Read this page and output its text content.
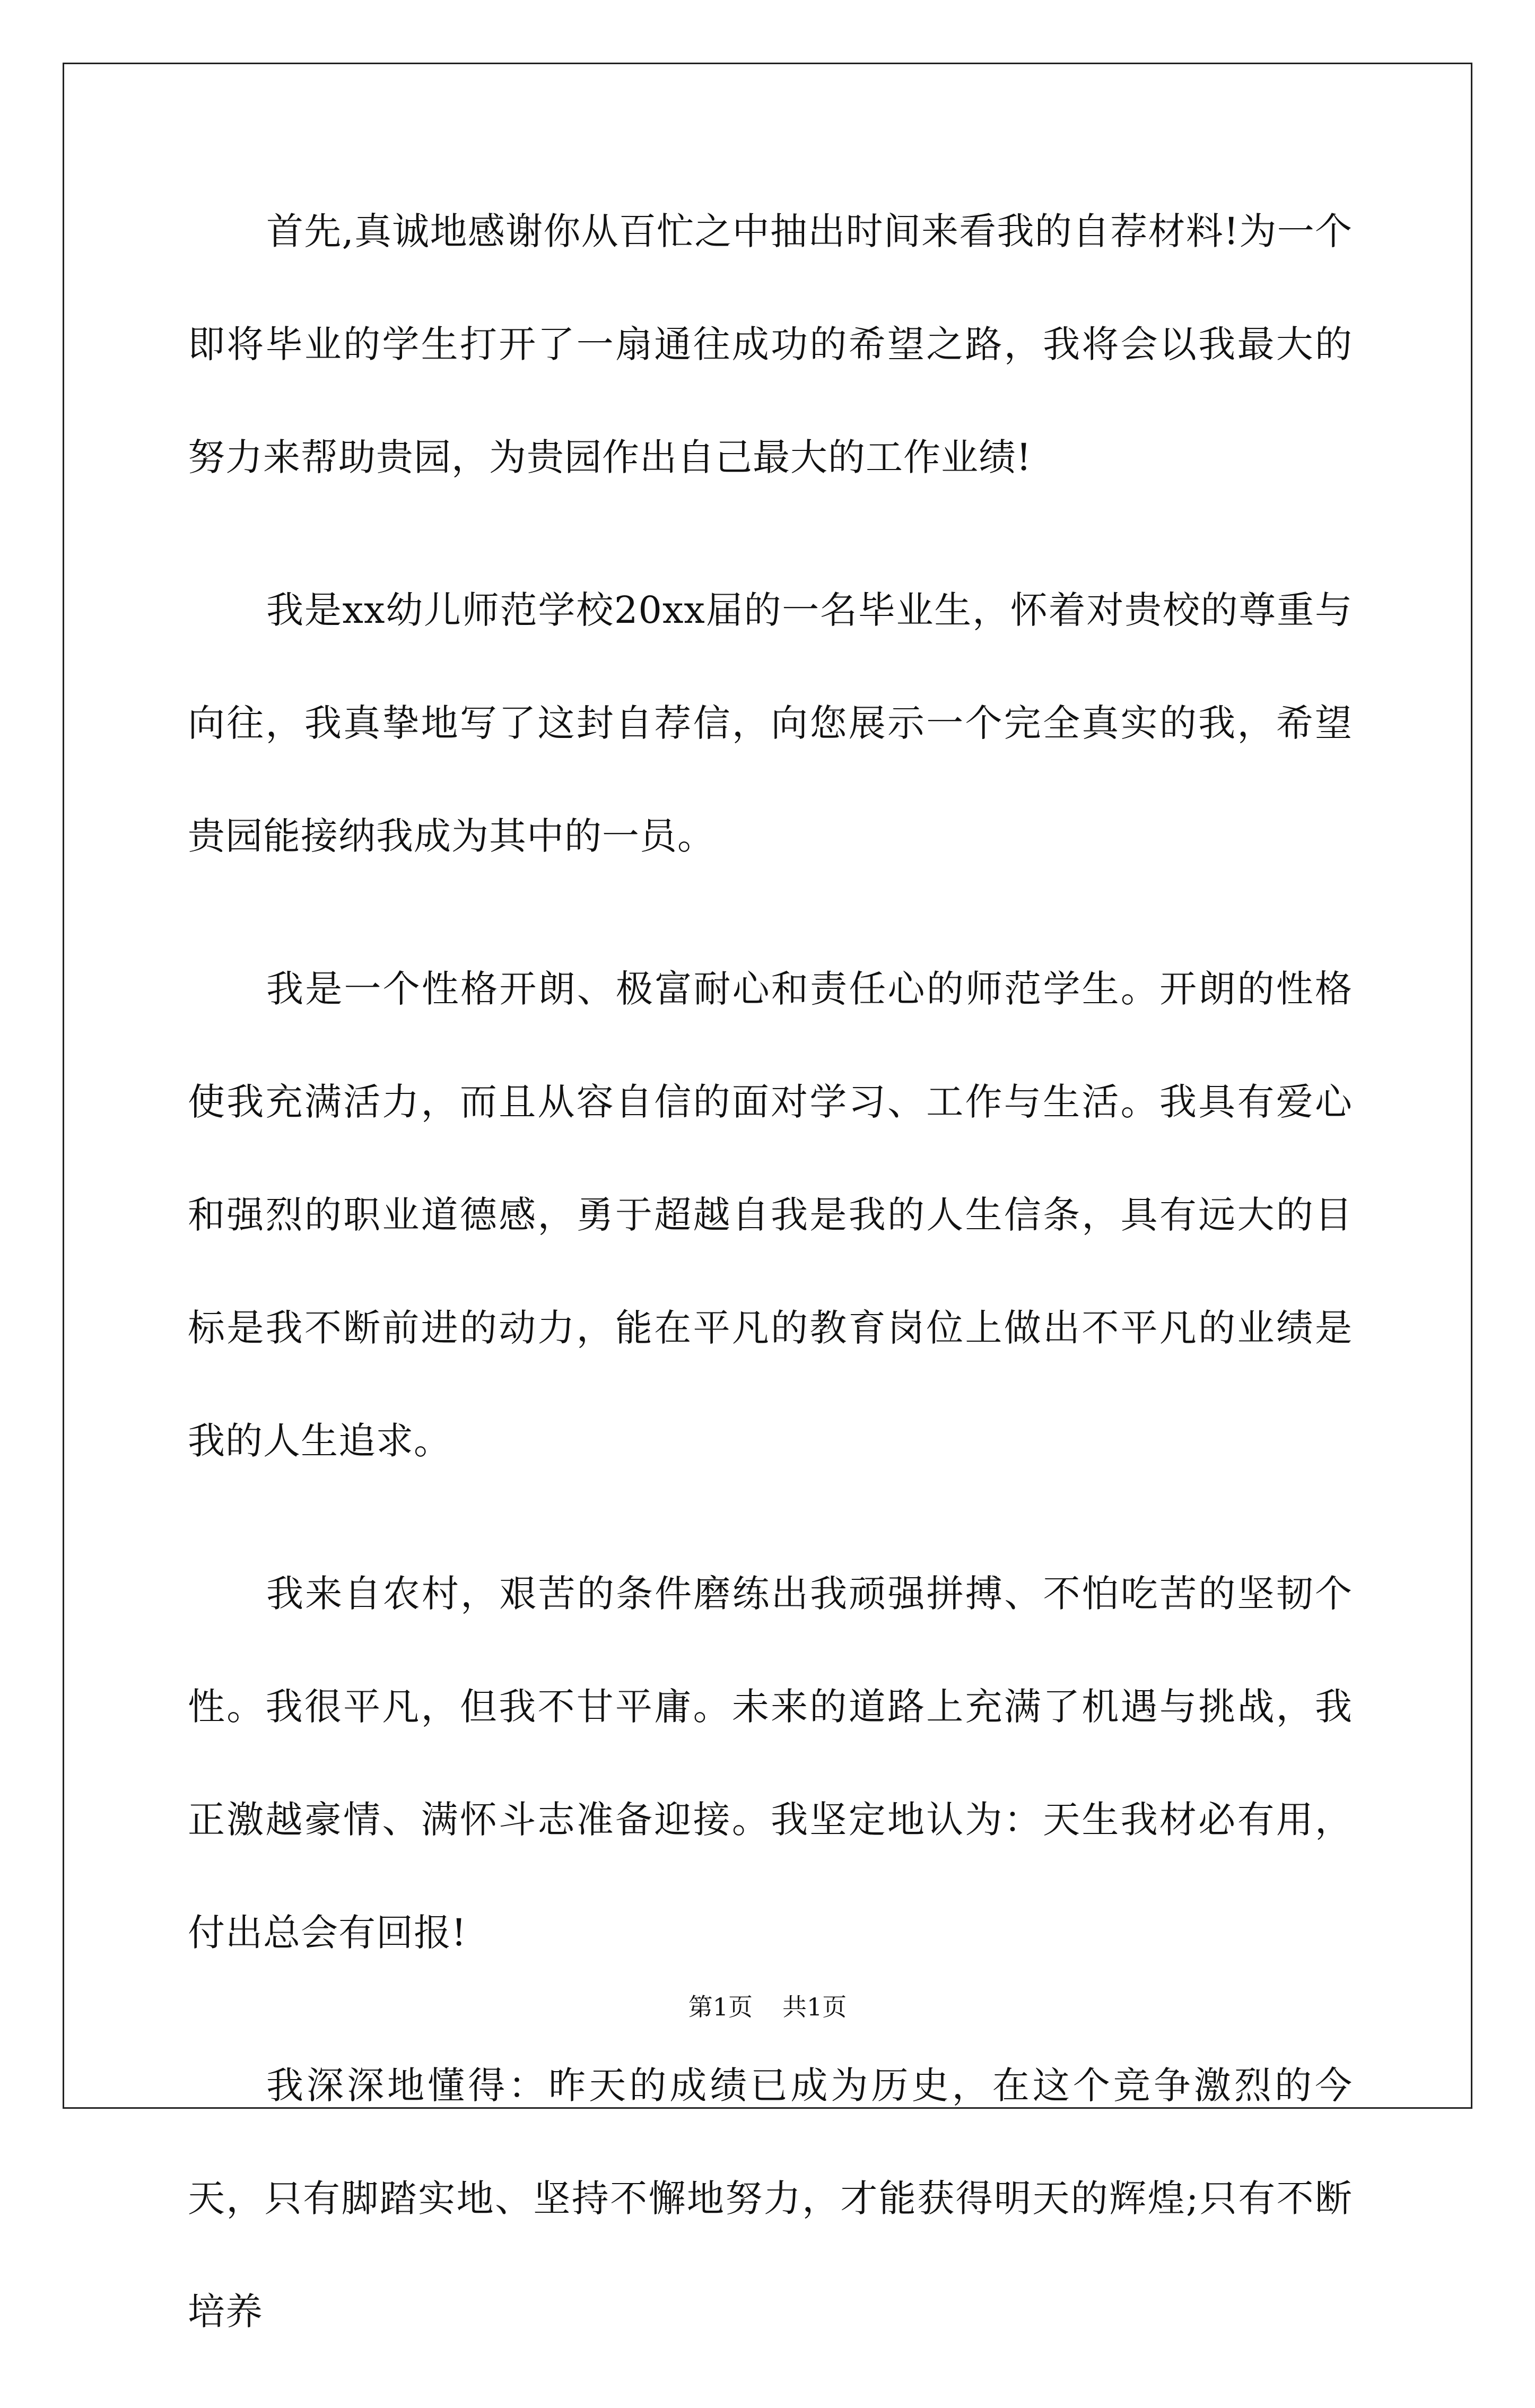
首先,真诚地感谢你从百忙之中抽出时间来看我的自荐材料!为一个即将毕业的学生打开了一扇通往成功的希望之路，我将会以我最大的努力来帮助贵园，为贵园作出自己最大的工作业绩!

我是xx幼儿师范学校20xx届的一名毕业生，怀着对贵校的尊重与向往，我真挚地写了这封自荐信，向您展示一个完全真实的我，希望贵园能接纳我成为其中的一员。

我是一个性格开朗、极富耐心和责任心的师范学生。开朗的性格使我充满活力，而且从容自信的面对学习、工作与生活。我具有爱心和强烈的职业道德感，勇于超越自我是我的人生信条，具有远大的目标是我不断前进的动力，能在平凡的教育岗位上做出不平凡的业绩是我的人生追求。

我来自农村，艰苦的条件磨练出我顽强拼搏、不怕吃苦的坚韧个性。我很平凡，但我不甘平庸。未来的道路上充满了机遇与挑战，我正激越豪情、满怀斗志准备迎接。我坚定地认为：天生我材必有用，付出总会有回报!

我深深地懂得：昨天的成绩已成为历史，在这个竞争激烈的今天，只有脚踏实地、坚持不懈地努力，才能获得明天的辉煌;只有不断培养

第1页 共1页
